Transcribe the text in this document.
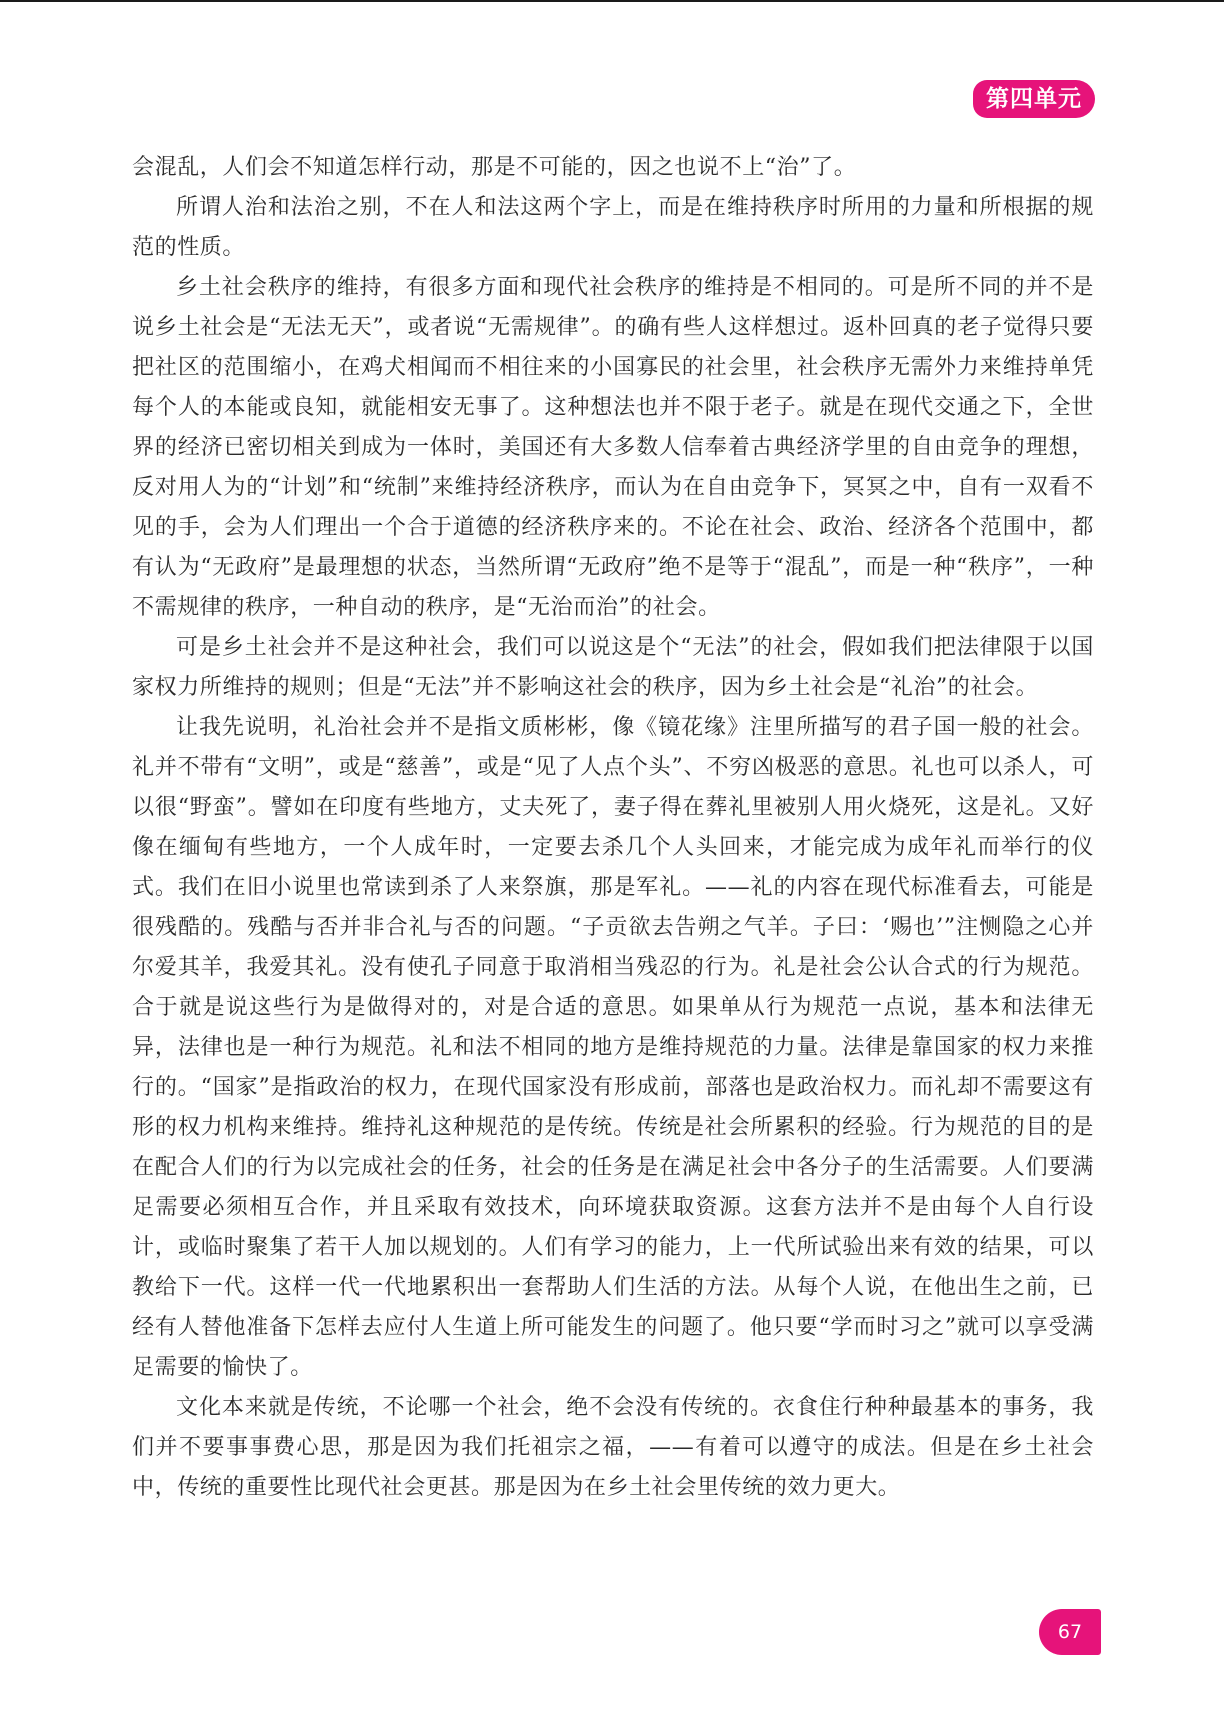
第四单元

会混乱，人们会不知道怎样行动，那是不可能的，因之也说不上“治”了。

所谓人治和法治之别，不在人和法这两个字上，而是在维持秩序时所用的力量和所根据的规范的性质。

乡土社会秩序的维持，有很多方面和现代社会秩序的维持是不相同的。可是所不同的并不是说乡土社会是“无法无天”，或者说“无需规律”。的确有些人这样想过。返朴回真的老子觉得只要把社区的范围缩小，在鸡犬相闻而不相往来的小国寡民的社会里，社会秩序无需外力来维持单凭每个人的本能或良知，就能相安无事了。这种想法也并不限于老子。就是在现代交通之下，全世界的经济已密切相关到成为一体时，美国还有大多数人信奉着古典经济学里的自由竞争的理想，反对用人为的“计划”和“统制”来维持经济秩序，而认为在自由竞争下，冥冥之中，自有一双看不见的手，会为人们理出一个合于道德的经济秩序来的。不论在社会、政治、经济各个范围中，都有认为“无政府”是最理想的状态，当然所谓“无政府”绝不是等于“混乱”，而是一种“秩序”，一种不需规律的秩序，一种自动的秩序，是“无治而治”的社会。

可是乡土社会并不是这种社会，我们可以说这是个“无法”的社会，假如我们把法律限于以国家权力所维持的规则；但是“无法”并不影响这社会的秩序，因为乡土社会是“礼治”的社会。

让我先说明，礼治社会并不是指文质彬彬，像《镜花缘》注里所描写的君子国一般的社会。礼并不带有“文明”，或是“慈善”，或是“见了人点个头”、不穷凶极恶的意思。礼也可以杀人，可以很“野蛮”。譬如在印度有些地方，丈夫死了，妻子得在葬礼里被别人用火烧死，这是礼。又好像在缅甸有些地方，一个人成年时，一定要去杀几个人头回来，才能完成为成年礼而举行的仪式。我们在旧小说里也常读到杀了人来祭旗，那是军礼。——礼的内容在现代标准看去，可能是很残酷的。残酷与否并非合礼与否的问题。“子贡欲去告朔之气羊。子曰：‘赐也’”注恻隐之心并尔爱其羊，我爱其礼。没有使孔子同意于取消相当残忍的行为。礼是社会公认合式的行为规范。合于就是说这些行为是做得对的，对是合适的意思。如果单从行为规范一点说，基本和法律无异，法律也是一种行为规范。礼和法不相同的地方是维持规范的力量。法律是靠国家的权力来推行的。“国家”是指政治的权力，在现代国家没有形成前，部落也是政治权力。而礼却不需要这有形的权力机构来维持。维持礼这种规范的是传统。传统是社会所累积的经验。行为规范的目的是在配合人们的行为以完成社会的任务，社会的任务是在满足社会中各分子的生活需要。人们要满足需要必须相互合作，并且采取有效技术，向环境获取资源。这套方法并不是由每个人自行设计，或临时聚集了若干人加以规划的。人们有学习的能力，上一代所试验出来有效的结果，可以教给下一代。这样一代一代地累积出一套帮助人们生活的方法。从每个人说，在他出生之前，已经有人替他准备下怎样去应付人生道上所可能发生的问题了。他只要“学而时习之”就可以享受满足需要的愉快了。

文化本来就是传统，不论哪一个社会，绝不会没有传统的。衣食住行种种最基本的事务，我们并不要事事费心思，那是因为我们托祖宗之福，——有着可以遵守的成法。但是在乡土社会中，传统的重要性比现代社会更甚。那是因为在乡土社会里传统的效力更大。

67
